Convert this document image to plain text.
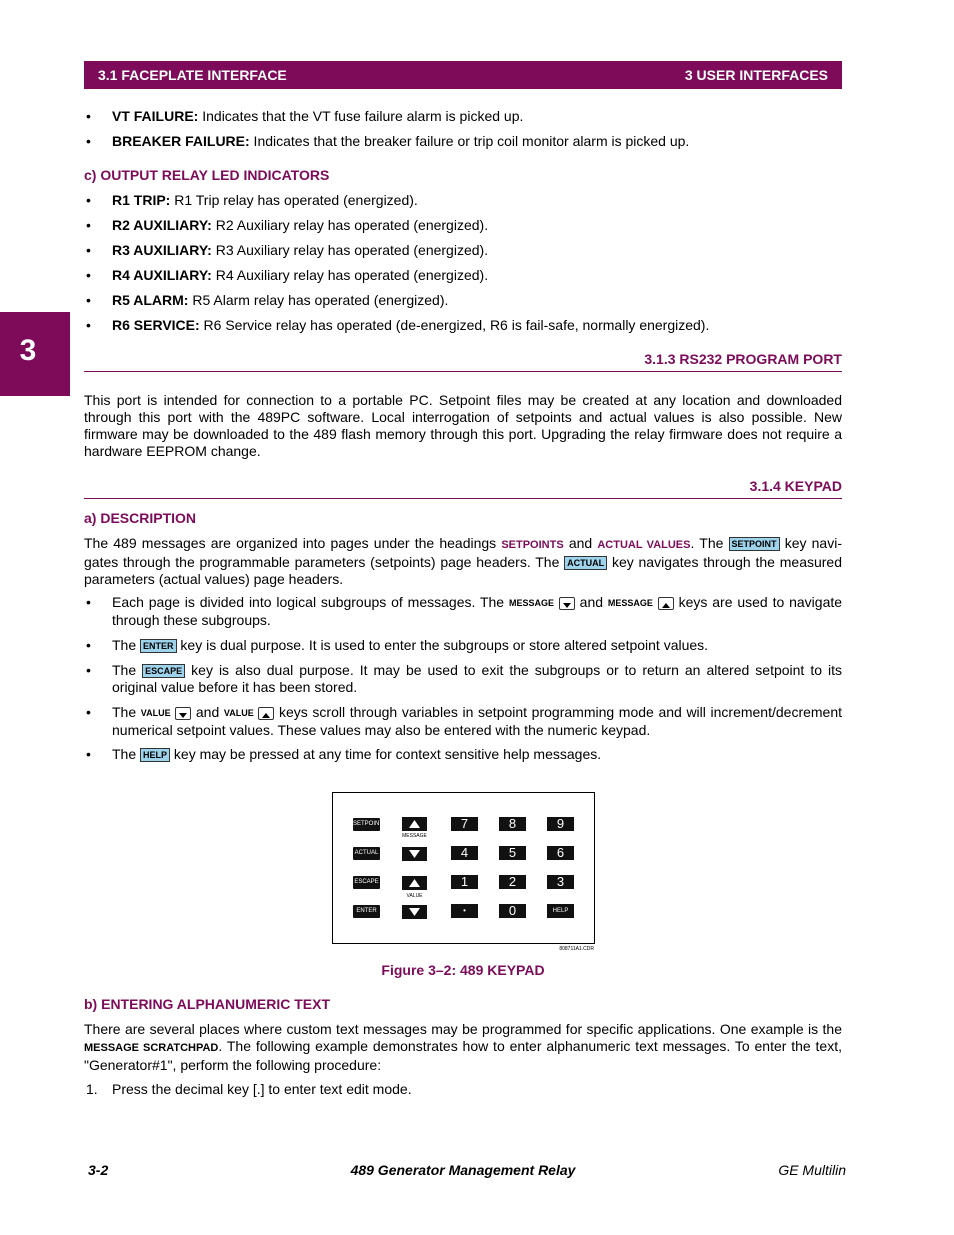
3.1 FACEPLATE INTERFACE	3 USER INTERFACES
3
• VT FAILURE: Indicates that the VT fuse failure alarm is picked up.
• BREAKER FAILURE: Indicates that the breaker failure or trip coil monitor alarm is picked up.
c) OUTPUT RELAY LED INDICATORS
• R1 TRIP: R1 Trip relay has operated (energized).
• R2 AUXILIARY: R2 Auxiliary relay has operated (energized).
• R3 AUXILIARY: R3 Auxiliary relay has operated (energized).
• R4 AUXILIARY: R4 Auxiliary relay has operated (energized).
• R5 ALARM: R5 Alarm relay has operated (energized).
• R6 SERVICE: R6 Service relay has operated (de-energized, R6 is fail-safe, normally energized).
3.1.3 RS232 PROGRAM PORT
This port is intended for connection to a portable PC. Setpoint files may be created at any location and downloaded through this port with the 489PC software. Local interrogation of setpoints and actual values is also possible. New firmware may be downloaded to the 489 flash memory through this port. Upgrading the relay firmware does not require a hardware EEPROM change.
3.1.4 KEYPAD
a) DESCRIPTION
The 489 messages are organized into pages under the headings SETPOINTS and ACTUAL VALUES. The SETPOINT key navi-gates through the programmable parameters (setpoints) page headers. The ACTUAL key navigates through the measured parameters (actual values) page headers.
• Each page is divided into logical subgroups of messages. The MESSAGE  and MESSAGE  keys are used to navigate through these subgroups.
• The ENTER key is dual purpose. It is used to enter the subgroups or store altered setpoint values.
• The ESCAPE key is also dual purpose. It may be used to exit the subgroups or to return an altered setpoint to its original value before it has been stored.
• The VALUE  and VALUE  keys scroll through variables in setpoint programming mode and will increment/decrement numerical setpoint values. These values may also be entered with the numeric keypad.
• The HELP key may be pressed at any time for context sensitive help messages.
SETPOINT
ACTUAL
ESCAPE
ENTER
MESSAGE
VALUE
7	8	9
4	5	6
1	2	3
•	0	HELP
808711A1.CDR
Figure 3–2: 489 KEYPAD
b) ENTERING ALPHANUMERIC TEXT
There are several places where custom text messages may be programmed for specific applications. One example is the MESSAGE SCRATCHPAD. The following example demonstrates how to enter alphanumeric text messages. To enter the text, "Generator#1", perform the following procedure:
1. Press the decimal key [.] to enter text edit mode.
3-2	489 Generator Management Relay	GE Multilin
